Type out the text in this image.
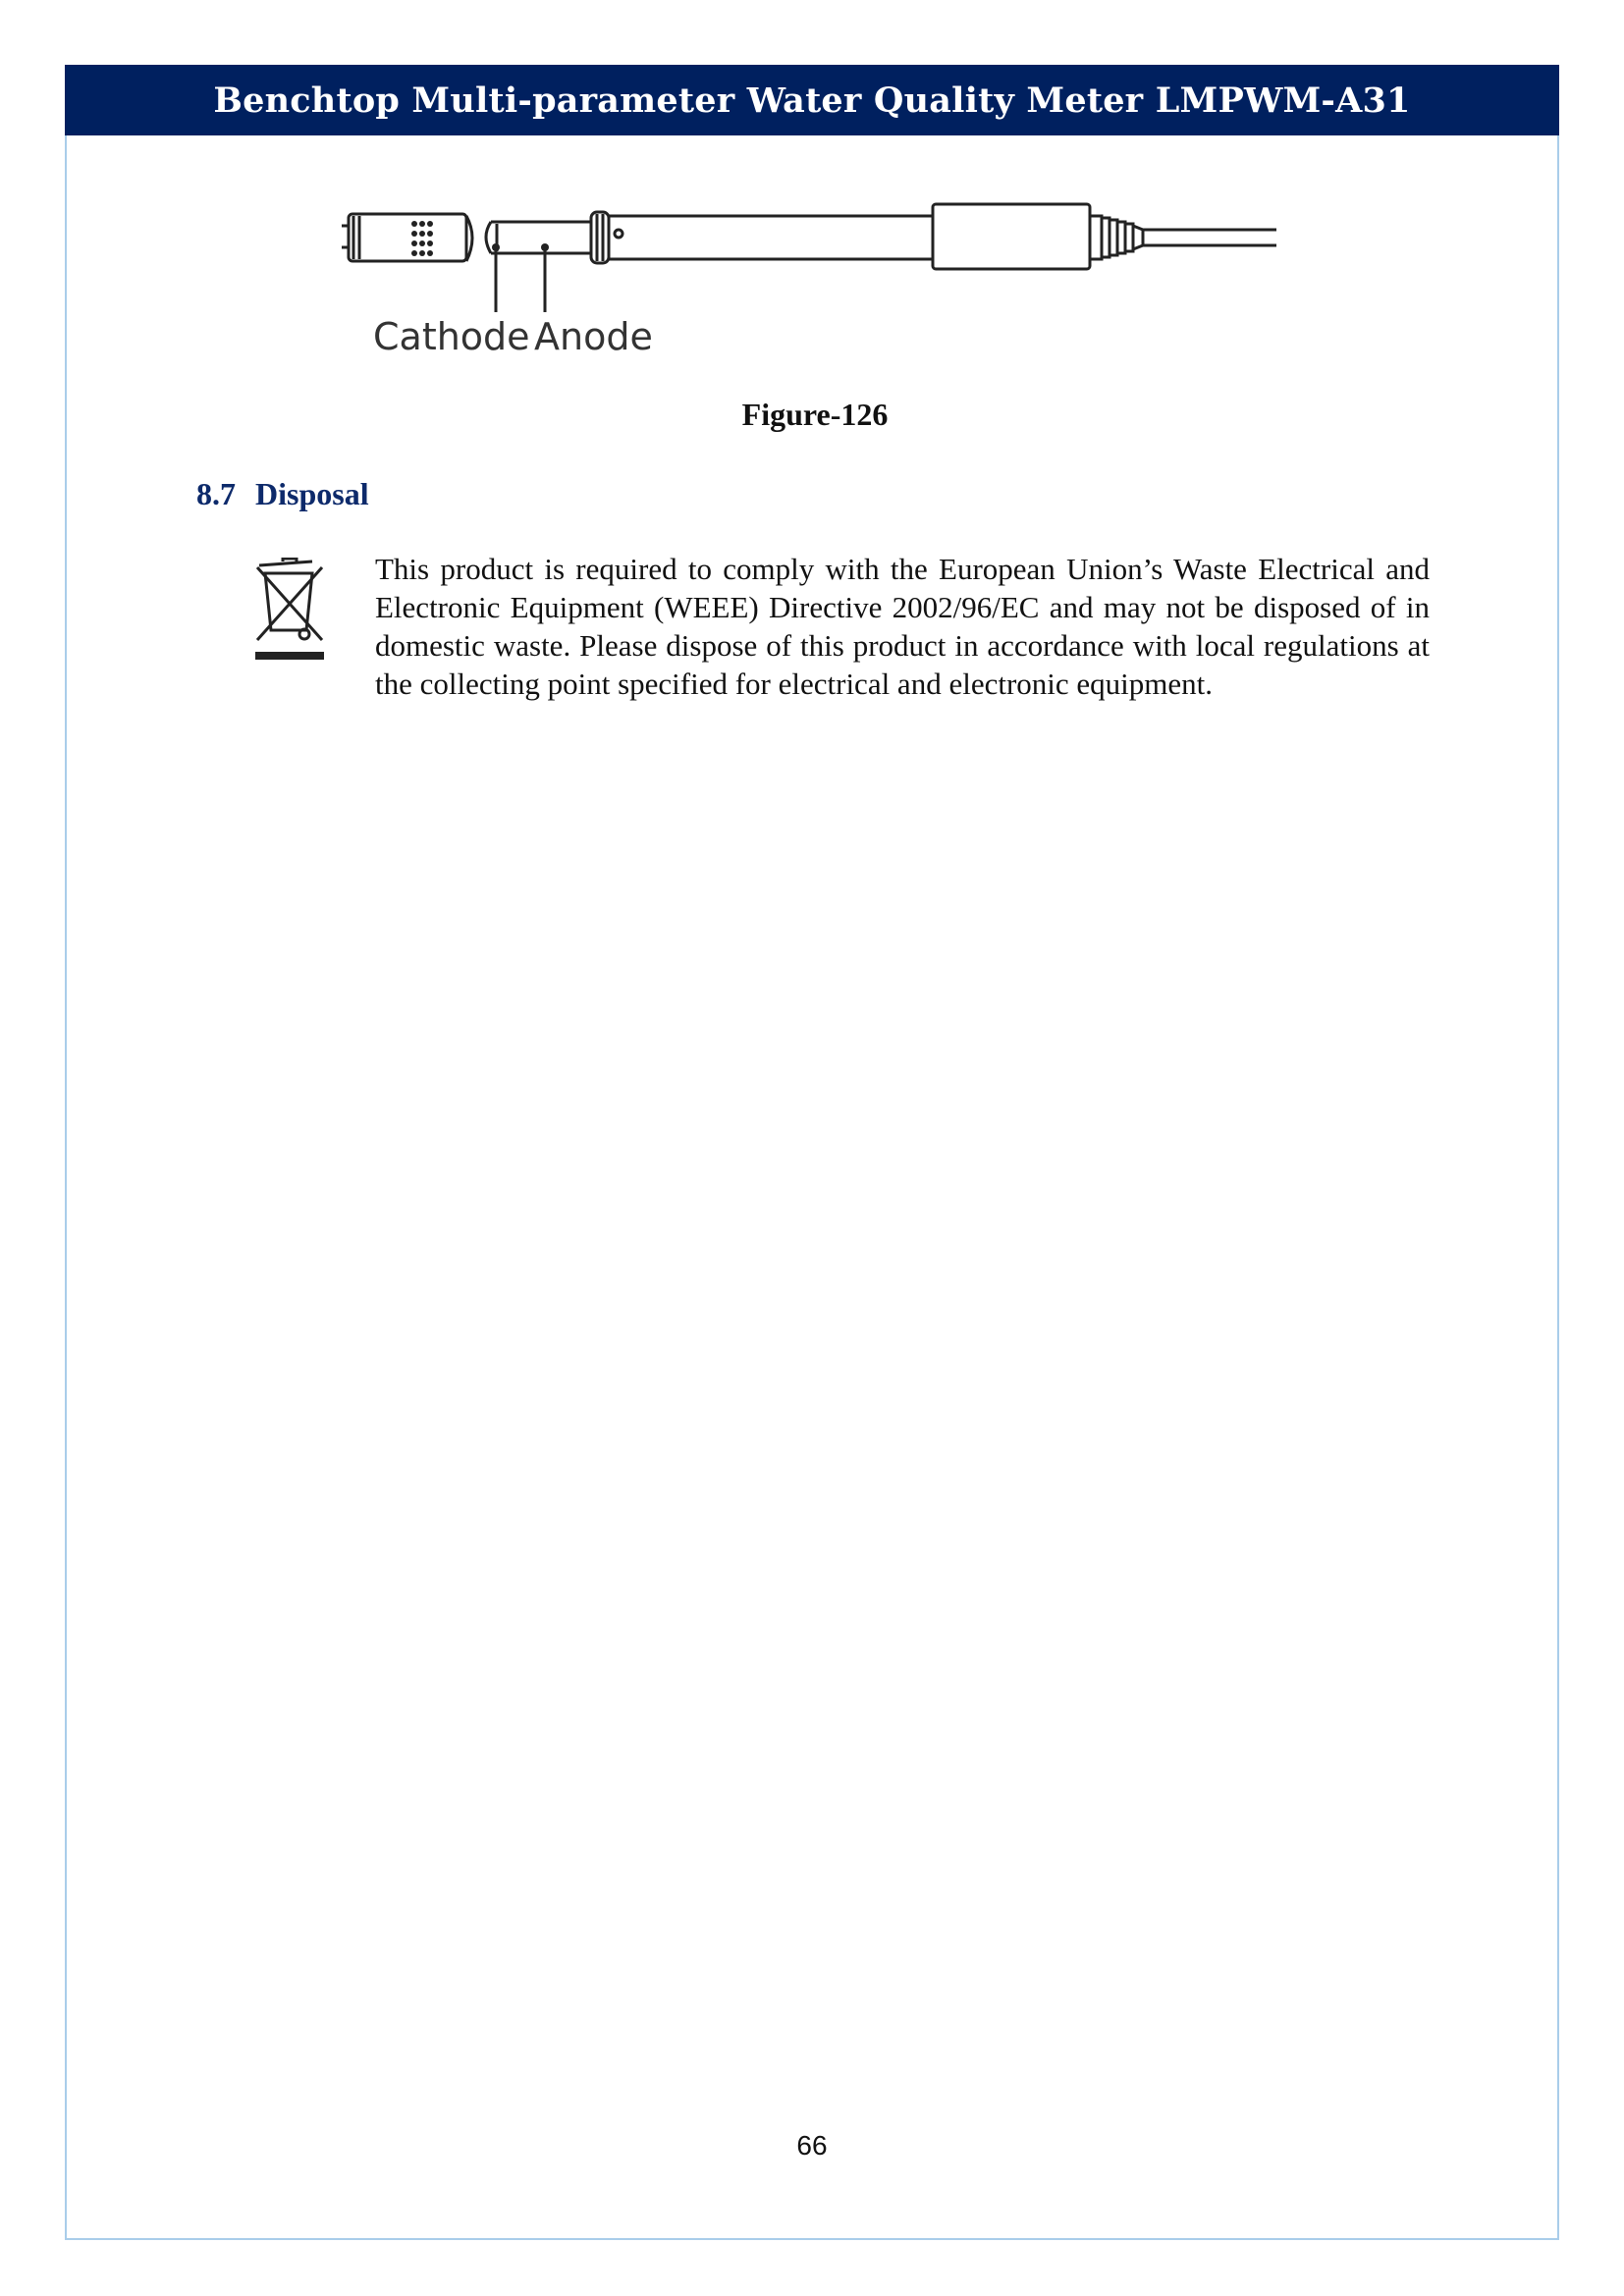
Benchtop Multi-parameter Water Quality Meter LMPWM-A31
Cathode Anode
Figure-126
8.7 Disposal
This product is required to comply with the European Union’s Waste Electrical and Electronic Equipment (WEEE) Directive 2002/96/EC and may not be disposed of in domestic waste. Please dispose of this product in accordance with local regulations at the collecting point specified for electrical and electronic equipment.
66
